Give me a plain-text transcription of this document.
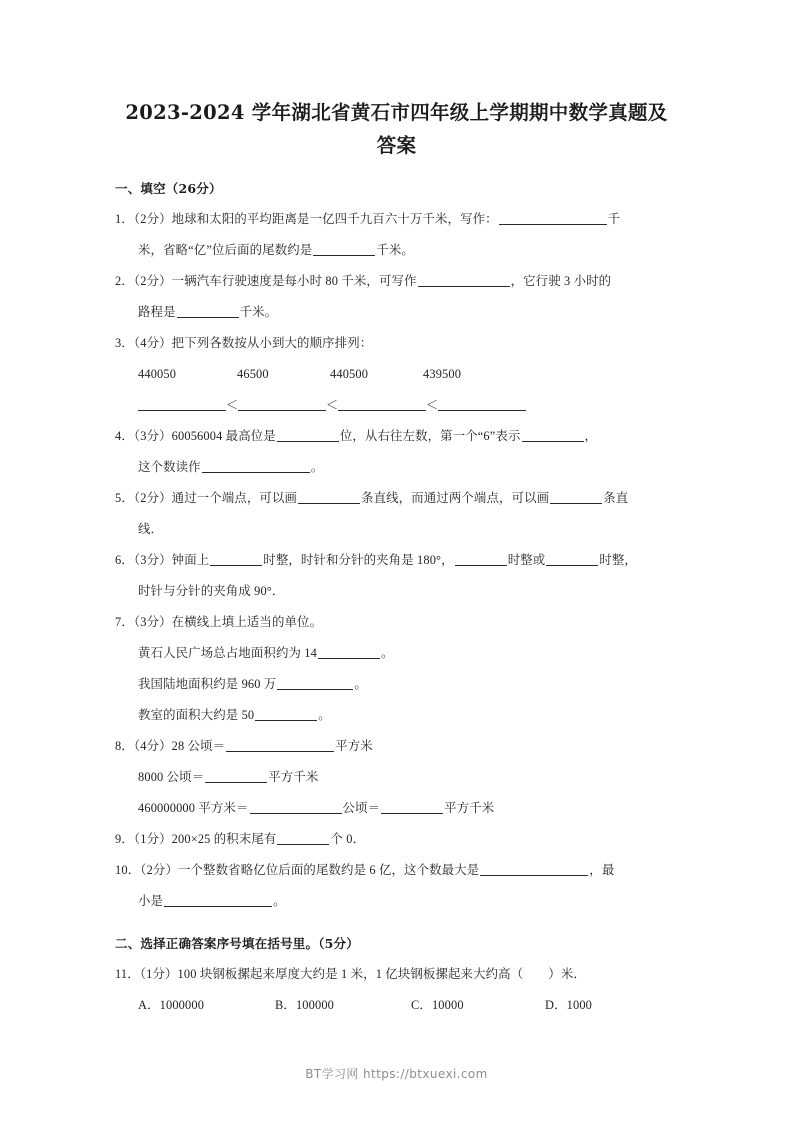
2023-2024 学年湖北省黄石市四年级上学期期中数学真题及答案
一、填空（26分）
1．（2分）地球和太阳的平均距离是一亿四千九百六十万千米，写作：	千
米，省略“亿”位后面的尾数约是	千米。
2．（2分）一辆汽车行驶速度是每小时 80 千米，可写作	，它行驶 3 小时的
路程是	千米。
3．（4分）把下列各数按从小到大的顺序排列：
440050	46500	440500	439500
＜	＜	＜
4．（3分）60056004 最高位是	位，从右往左数，第一个“6”表示	，
这个数读作	。
5．（2分）通过一个端点，可以画	条直线，而通过两个端点，可以画	条直
线．
6．（3分）钟面上	时整，时针和分针的夹角是 180°，	时整或	时整，
时针与分针的夹角成 90°．
7．（3分）在横线上填上适当的单位。
黄石人民广场总占地面积约为 14	。
我国陆地面积约是 960 万	。
教室的面积大约是 50	。
8．（4分）28 公顷＝	平方米
8000 公顷＝	平方千米
460000000 平方米＝	公顷＝	平方千米
9．（1分）200×25 的积末尾有	个 0．
10．（2分）一个整数省略亿位后面的尾数约是 6 亿，这个数最大是	，最
小是	。
二、选择正确答案序号填在括号里。（5分）
11．（1分）100 块钢板摞起来厚度大约是 1 米，1 亿块钢板摞起来大约高（　　）米．
A．1000000	B．100000	C．10000	D．1000
BT学习网 https://btxuexi.com
